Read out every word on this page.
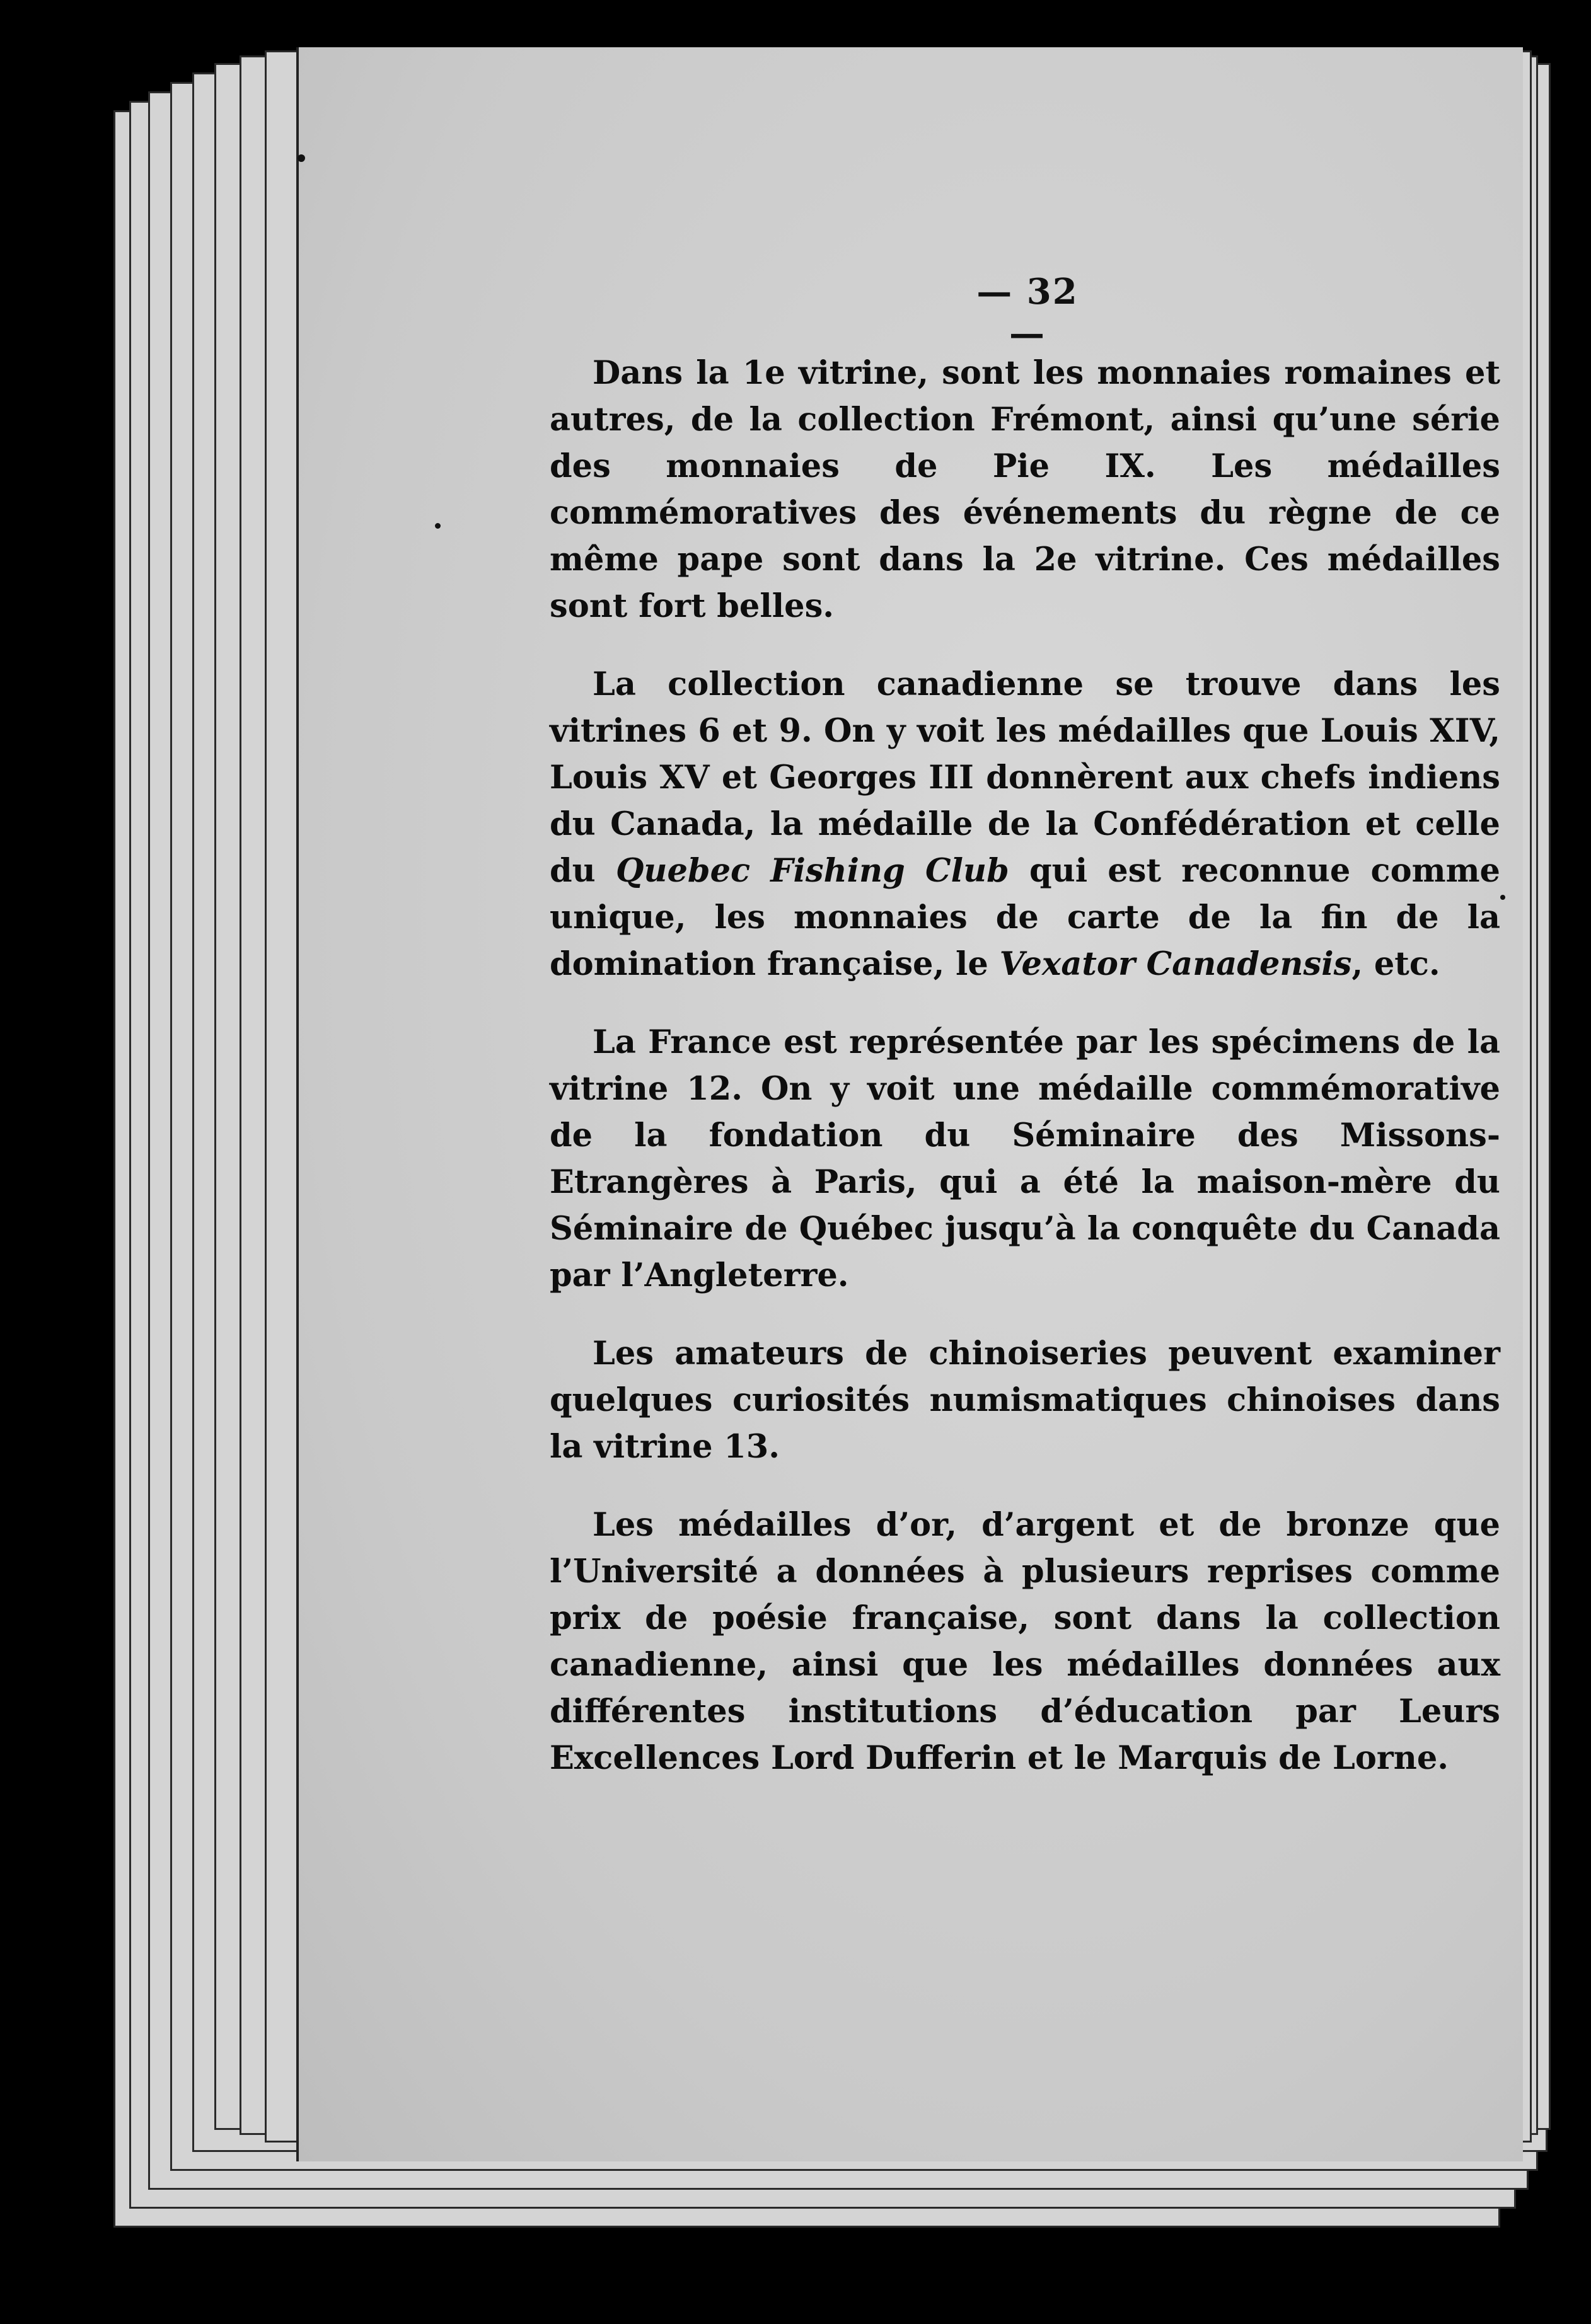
— 32 —

Dans la 1e vitrine, sont les monnaies romaines et autres, de la collection Frémont, ainsi qu’une série des monnaies de Pie IX. Les médailles commémoratives des événements du règne de ce même pape sont dans la 2e vitrine. Ces médailles sont fort belles.

La collection canadienne se trouve dans les vitrines 6 et 9. On y voit les médailles que Louis XIV, Louis XV et Georges III donnèrent aux chefs indiens du Canada, la médaille de la Confédération et celle du Quebec Fishing Club qui est reconnue comme unique, les monnaies de carte de la fin de la domination française, le Vexator Canadensis, etc.

La France est représentée par les spécimens de la vitrine 12. On y voit une médaille commémorative de la fondation du Séminaire des Missons-Etrangères à Paris, qui a été la maison-mère du Séminaire de Québec jusqu’à la conquête du Canada par l’Angleterre.

Les amateurs de chinoiseries peuvent examiner quelques curiosités numismatiques chinoises dans la vitrine 13.

Les médailles d’or, d’argent et de bronze que l’Université a données à plusieurs reprises comme prix de poésie française, sont dans la collection canadienne, ainsi que les médailles données aux différentes institutions d’éducation par Leurs Excellences Lord Dufferin et le Marquis de Lorne.
